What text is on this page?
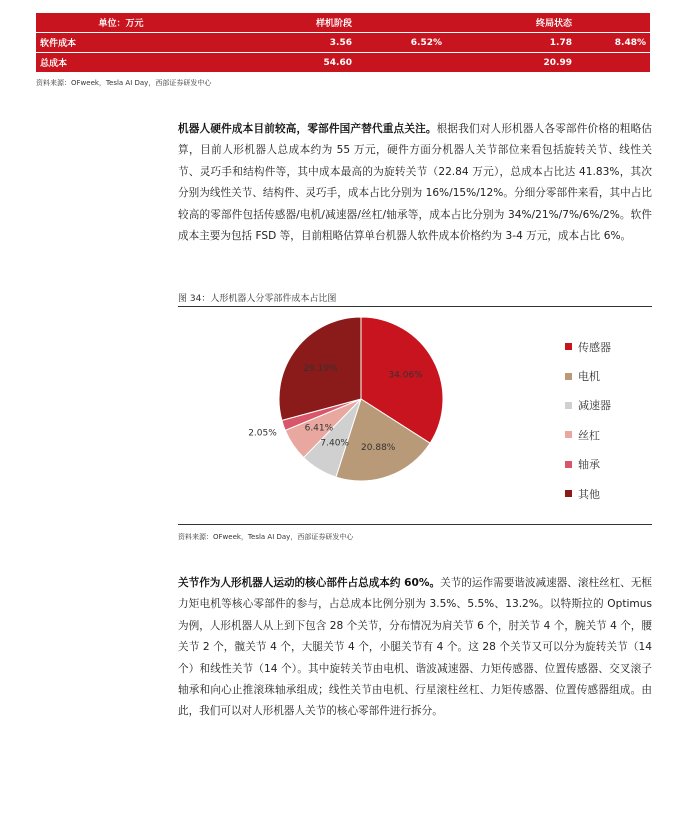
单位：万元	样机阶段		终局状态	
软件成本	3.56	6.52%	1.78	8.48%
总成本	54.60		20.99	
资料来源：OFweek，Tesla AI Day，西部证券研发中心

机器人硬件成本目前较高，零部件国产替代重点关注。根据我们对人形机器人各零部件价格的粗略估算，目前人形机器人总成本约为 55 万元，硬件方面分机器人关节部位来看包括旋转关节、线性关节、灵巧手和结构件等，其中成本最高的为旋转关节（22.84 万元），总成本占比达 41.83%，其次分别为线性关节、结构件、灵巧手，成本占比分别为 16%/15%/12%。分细分零部件来看，其中占比较高的零部件包括传感器/电机/减速器/丝杠/轴承等，成本占比分别为 34%/21%/7%/6%/2%。软件成本主要为包括 FSD 等，目前粗略估算单台机器人软件成本价格约为 3-4 万元，成本占比 6%。

图 34：人形机器人分零部件成本占比图
34.06%
20.88%
7.40%
6.41%
2.05%
29.19%
传感器
电机
减速器
丝杠
轴承
其他
资料来源：OFweek，Tesla AI Day，西部证券研发中心

关节作为人形机器人运动的核心部件占总成本约 60%。关节的运作需要谐波减速器、滚柱丝杠、无框力矩电机等核心零部件的参与，占总成本比例分别为 3.5%、5.5%、13.2%。以特斯拉的 Optimus 为例，人形机器人从上到下包含 28 个关节，分布情况为肩关节 6 个，肘关节 4 个，腕关节 4 个，腰关节 2 个，髋关节 4 个，大腿关节 4 个，小腿关节有 4 个。这 28 个关节又可以分为旋转关节（14 个）和线性关节（14 个）。其中旋转关节由电机、谐波减速器、力矩传感器、位置传感器、交叉滚子轴承和向心止推滚珠轴承组成；线性关节由电机、行星滚柱丝杠、力矩传感器、位置传感器组成。由此，我们可以对人形机器人关节的核心零部件进行拆分。
